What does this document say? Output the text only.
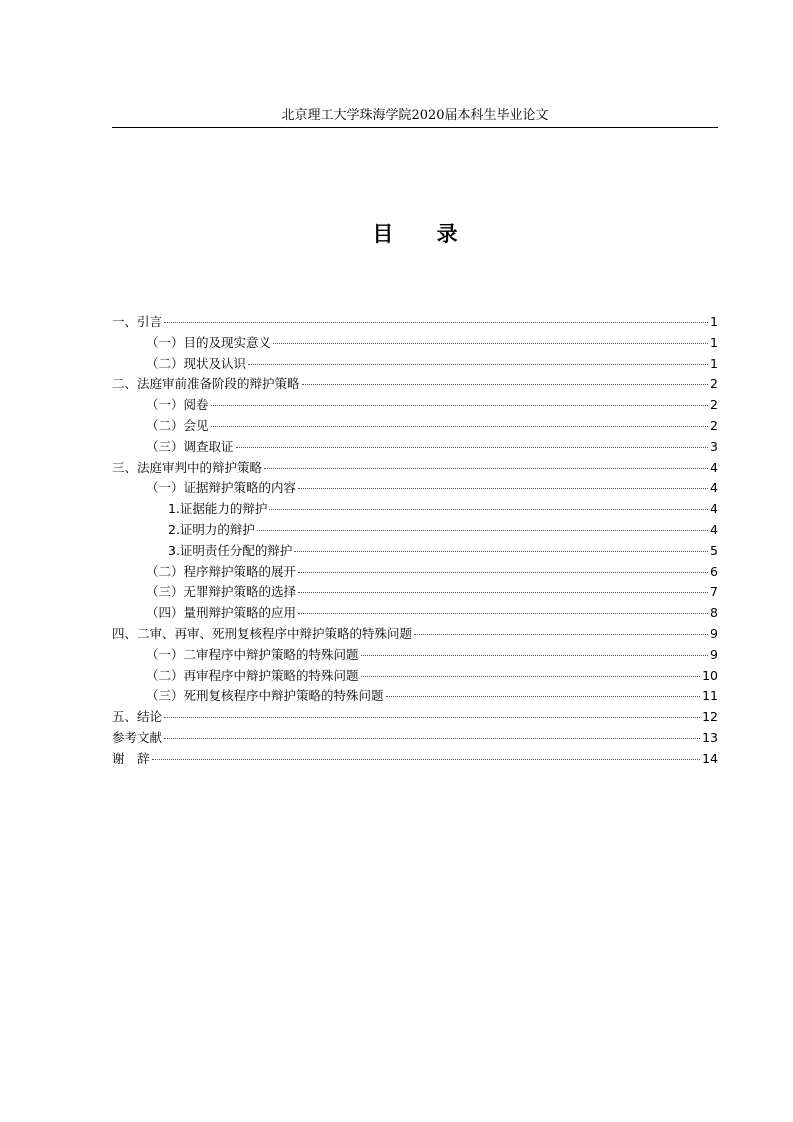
北京理工大学珠海学院2020届本科生毕业论文
目 录
一、引言	1
（一）目的及现实意义	1
（二）现状及认识	1
二、法庭审前准备阶段的辩护策略	2
（一）阅卷	2
（二）会见	2
（三）调查取证	3
三、法庭审判中的辩护策略	4
（一）证据辩护策略的内容	4
1.证据能力的辩护	4
2.证明力的辩护	4
3.证明责任分配的辩护	5
（二）程序辩护策略的展开	6
（三）无罪辩护策略的选择	7
（四）量刑辩护策略的应用	8
四、二审、再审、死刑复核程序中辩护策略的特殊问题	9
（一）二审程序中辩护策略的特殊问题	9
（二）再审程序中辩护策略的特殊问题	10
（三）死刑复核程序中辩护策略的特殊问题	11
五、结论	12
参考文献	13
谢　辞	14
